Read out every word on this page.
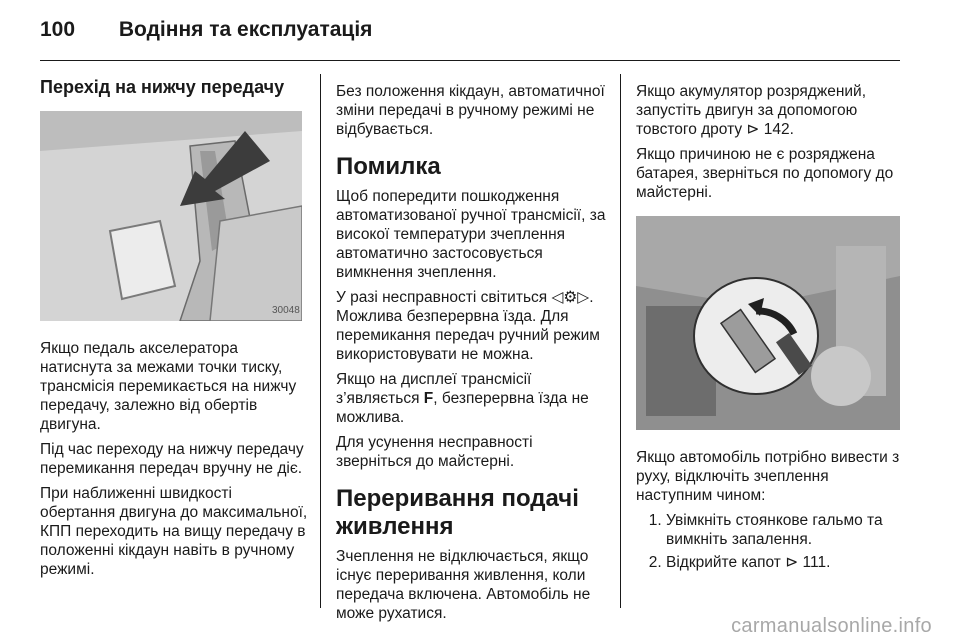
100 Водіння та експлуатація
Перехід на нижчу передачу
30048

Якщо педаль акселератора натиснута за межами точки тиску, трансмісія перемикається на нижчу передачу, залежно від обертів двигуна.

Під час переходу на нижчу передачу перемикання передач вручну не діє.

При наближенні швидкості обертання двигуна до максимальної, КПП переходить на вищу передачу в положенні кікдаун навіть в ручному режимі.

Без положення кікдаун, автоматичної зміни передачі в ручному режимі не відбувається.

Помилка

Щоб попередити пошкодження автоматизованої ручної трансмісії, за високої температури зчеплення автоматично застосовується вимкнення зчеплення.

У разі несправності світиться ◁⚙▷. Можлива безперервна їзда. Для перемикання передач ручний режим використовувати не можна.

Якщо на дисплеї трансмісії з’являється F, безперервна їзда не можлива.

Для усунення несправності зверніться до майстерні.

Переривання подачі живлення

Зчеплення не відключається, якщо існує переривання живлення, коли передача включена. Автомобіль не може рухатися.

Якщо акумулятор розряджений, запустіть двигун за допомогою товстого дроту ⊳ 142.

Якщо причиною не є розряджена батарея, зверніться по допомогу до майстерні.

Якщо автомобіль потрібно вивести з руху, відключіть зчеплення наступним чином:

1. Увімкніть стоянкове гальмо та вимкніть запалення.
2. Відкрийте капот ⊳ 111.
carmanualsonline.info
